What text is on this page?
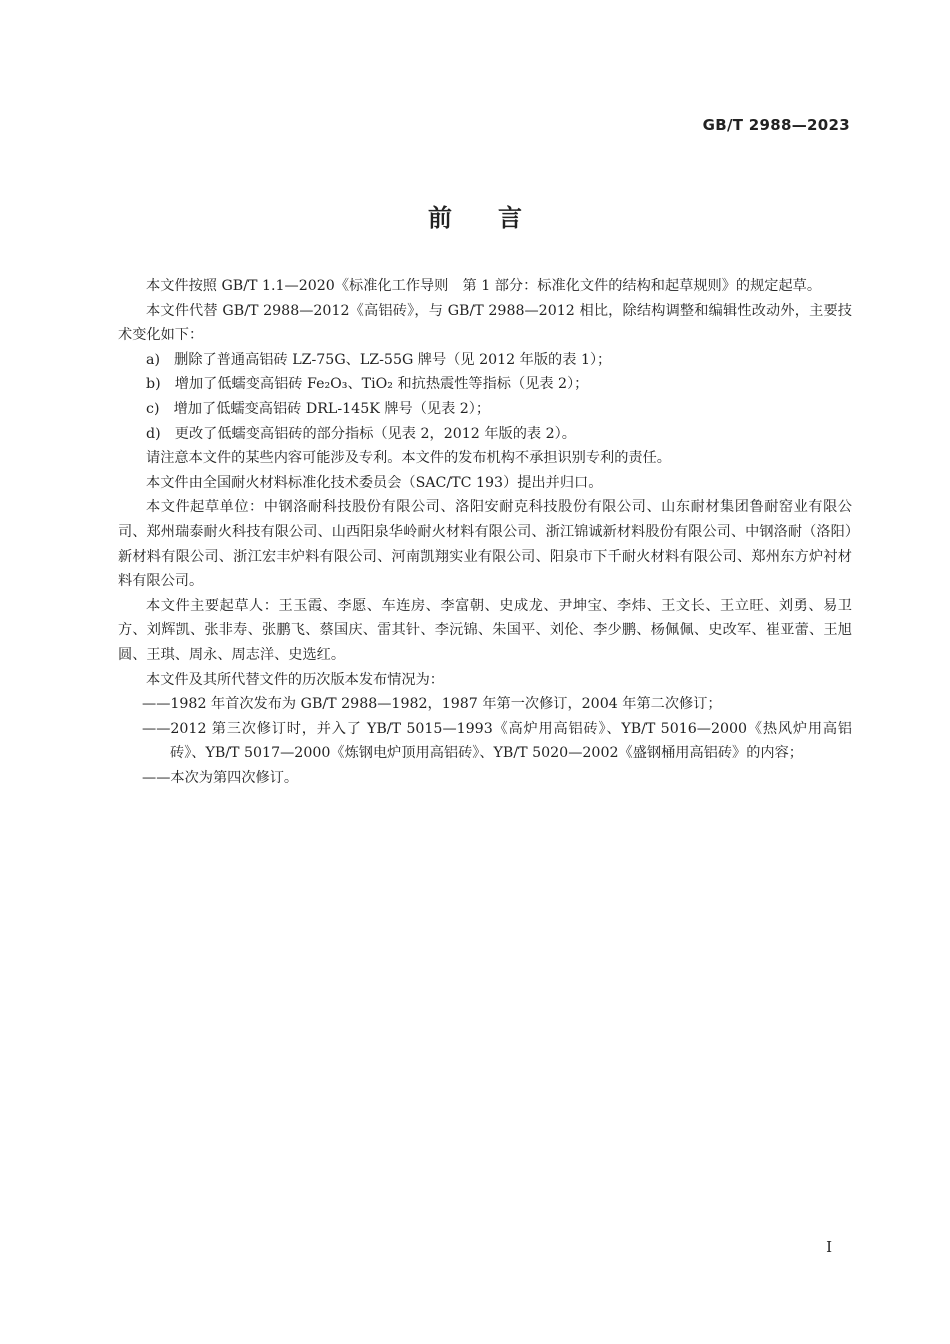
GB/T 2988—2023
前言

本文件按照 GB/T 1.1—2020《标准化工作导则　第 1 部分：标准化文件的结构和起草规则》的规定起草。

本文件代替 GB/T 2988—2012《高铝砖》，与 GB/T 2988—2012 相比，除结构调整和编辑性改动外，主要技术变化如下：

a)　删除了普通高铝砖 LZ-75G、LZ-55G 牌号（见 2012 年版的表 1）；

b)　增加了低蠕变高铝砖 Fe₂O₃、TiO₂ 和抗热震性等指标（见表 2）；

c)　增加了低蠕变高铝砖 DRL-145K 牌号（见表 2）；

d)　更改了低蠕变高铝砖的部分指标（见表 2，2012 年版的表 2）。

请注意本文件的某些内容可能涉及专利。本文件的发布机构不承担识别专利的责任。

本文件由全国耐火材料标准化技术委员会（SAC/TC 193）提出并归口。

本文件起草单位：中钢洛耐科技股份有限公司、洛阳安耐克科技股份有限公司、山东耐材集团鲁耐窑业有限公司、郑州瑞泰耐火科技有限公司、山西阳泉华岭耐火材料有限公司、浙江锦诚新材料股份有限公司、中钢洛耐（洛阳）新材料有限公司、浙江宏丰炉料有限公司、河南凯翔实业有限公司、阳泉市下千耐火材料有限公司、郑州东方炉衬材料有限公司。

本文件主要起草人：王玉霞、李愿、车连房、李富朝、史成龙、尹坤宝、李炜、王文长、王立旺、刘勇、易卫方、刘辉凯、张非寿、张鹏飞、蔡国庆、雷其针、李沅锦、朱国平、刘伦、李少鹏、杨佩佩、史改军、崔亚蕾、王旭圆、王琪、周永、周志洋、史选红。

本文件及其所代替文件的历次版本发布情况为：

——1982 年首次发布为 GB/T 2988—1982，1987 年第一次修订，2004 年第二次修订；

——2012 第三次修订时，并入了 YB/T 5015—1993《高炉用高铝砖》、YB/T 5016—2000《热风炉用高铝砖》、YB/T 5017—2000《炼钢电炉顶用高铝砖》、YB/T 5020—2002《盛钢桶用高铝砖》的内容；

——本次为第四次修订。

I
